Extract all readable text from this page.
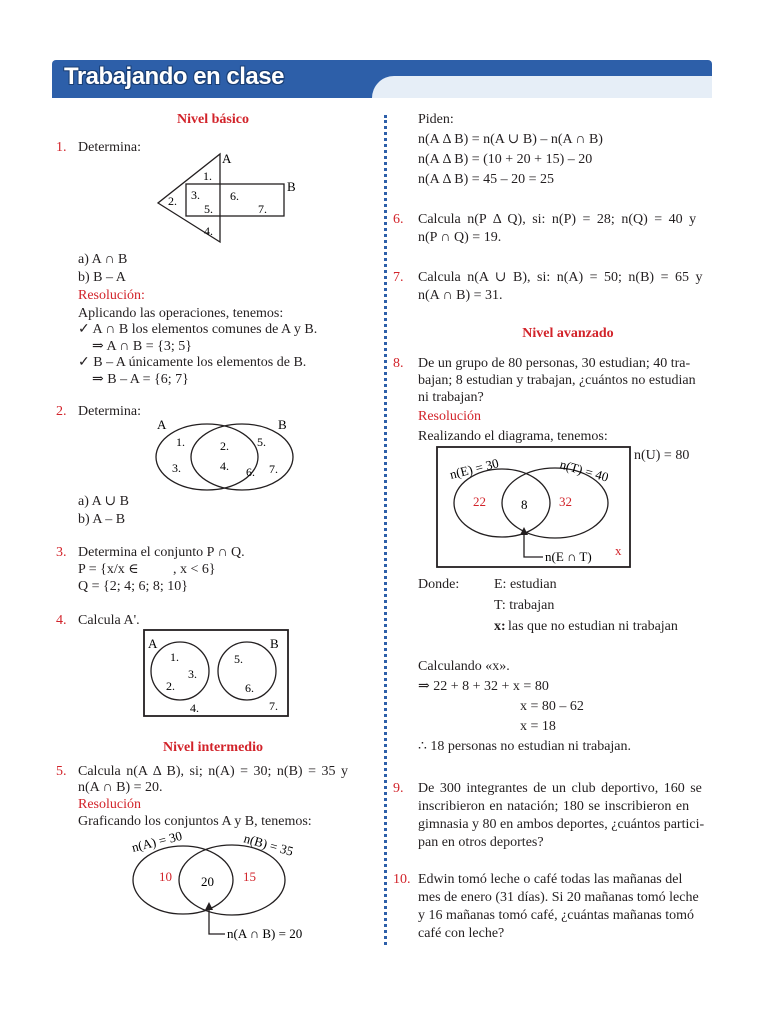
Trabajando en clase
Nivel básico
1. Determina:
A
B
1.
2. 3.
4.
5.
6.
7.
a) A ∩ B
b) B – A
Resolución:
Aplicando las operaciones, tenemos:
✓ A ∩ B los elementos comunes de A y B.
⇒ A ∩ B = {3; 5}
✓ B – A únicamente los elementos de B.
⇒ B – A = {6; 7}
2. Determina:
A	B
1.	2.
3.	4.
5.
6. 7.
a) A ∪ B
b) A – B
3. Determina el conjunto P ∩ Q.
P = {x/x ∈ , x < 6}
Q = {2; 4; 6; 8; 10}
4. Calcula A'.
A	B
1.
2.
3.
4.
5.
6.
7.
Nivel intermedio
5. Calcula n(A Δ B), si; n(A) = 30; n(B) = 35 y
n(A ∩ B) = 20.
Resolución
Graficando los conjuntos A y B, tenemos:
n(A) = 30	n(B) = 35
10 20 15
n(A ∩ B) = 20
Piden:
n(A Δ B) = n(A ∪ B) – n(A ∩ B)
n(A Δ B) = (10 + 20 + 15) – 20
n(A Δ B) = 45 – 20 = 25
6. Calcula n(P Δ Q), si: n(P) = 28; n(Q) = 40 y
n(P ∩ Q) = 19.
7. Calcula n(A ∪ B), si: n(A) = 50; n(B) = 65 y
n(A ∩ B) = 31.
Nivel avanzado
8. De un grupo de 80 personas, 30 estudian; 40 tra-
bajan; 8 estudian y trabajan, ¿cuántos no estudian
ni trabajan?
Resolución
Realizando el diagrama, tenemos:
n(E) = 30	n(T) = 40
22	8 32
n(E ∩ T) x
n(U) = 80
Donde: E: estudian
T: trabajan
x: las que no estudian ni trabajan
Calculando «x».
⇒ 22 + 8 + 32 + x = 80
x = 80 – 62
x = 18
∴ 18 personas no estudian ni trabajan.
9. De 300 integrantes de un club deportivo, 160 se
inscribieron en natación; 180 se inscribieron en
gimnasia y 80 en ambos deportes, ¿cuántos partici-
pan en otros deportes?
10. Edwin tomó leche o café todas las mañanas del
mes de enero (31 días). Si 20 mañanas tomó leche
y 16 mañanas tomó café, ¿cuántas mañanas tomó
café con leche?
